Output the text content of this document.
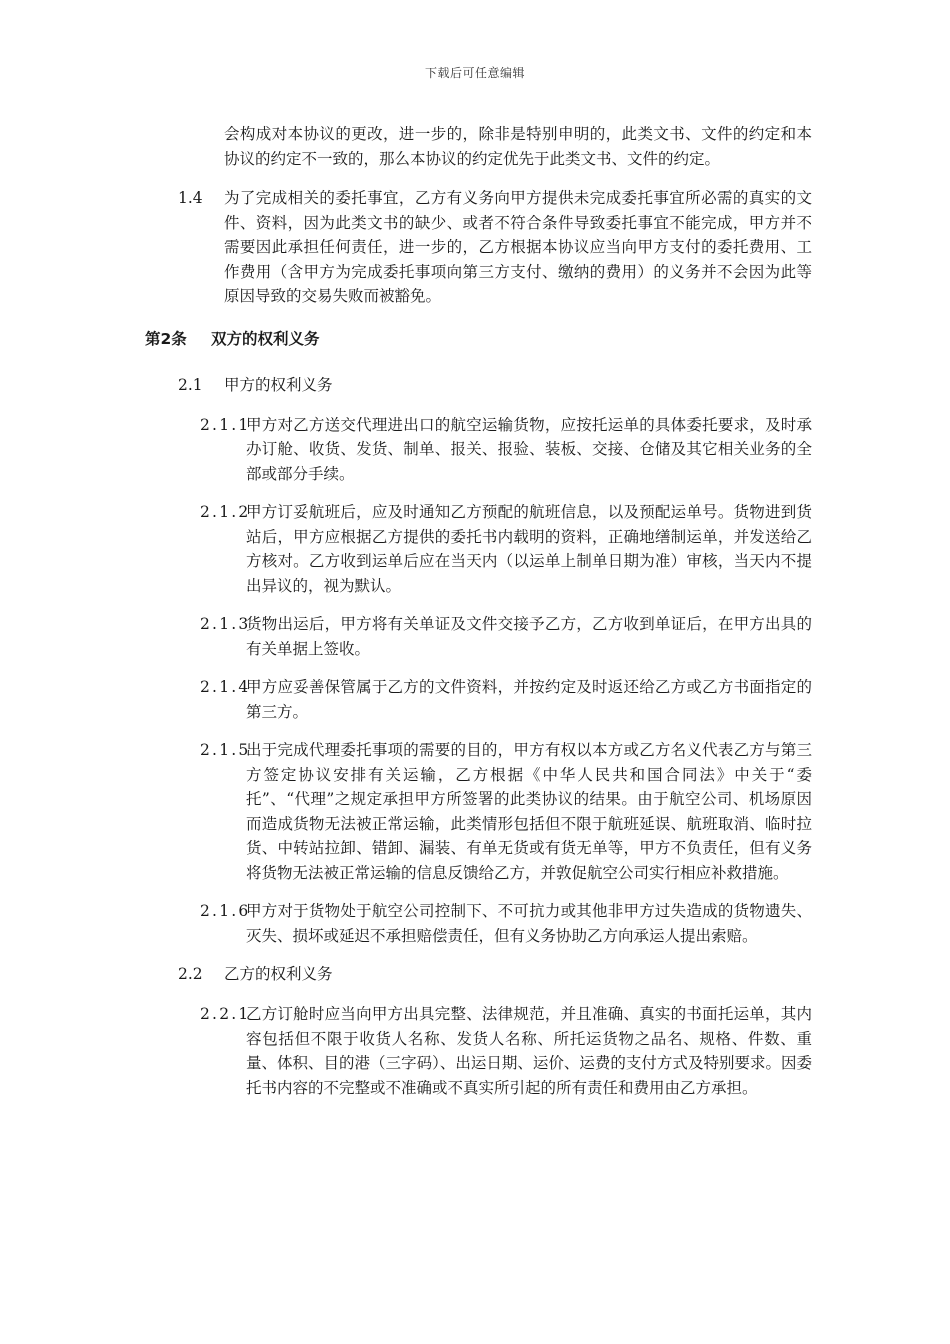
下载后可任意编辑
会构成对本协议的更改，进一步的，除非是特别申明的，此类文书、文件的约定和本协议的约定不一致的，那么本协议的约定优先于此类文书、文件的约定。
1.4 为了完成相关的委托事宜，乙方有义务向甲方提供未完成委托事宜所必需的真实的文件、资料，因为此类文书的缺少、或者不符合条件导致委托事宜不能完成，甲方并不需要因此承担任何责任，进一步的，乙方根据本协议应当向甲方支付的委托费用、工作费用（含甲方为完成委托事项向第三方支付、缴纳的费用）的义务并不会因为此等原因导致的交易失败而被豁免。
第2条 双方的权利义务
2.1 甲方的权利义务
2.1.1
甲方对乙方送交代理进出口的航空运输货物，应按托运单的具体委托要求，及时承办订舱、收货、发货、制单、报关、报验、装板、交接、仓储及其它相关业务的全部或部分手续。
2.1.2
甲方订妥航班后，应及时通知乙方预配的航班信息，以及预配运单号。货物进到货站后，甲方应根据乙方提供的委托书内载明的资料，正确地缮制运单，并发送给乙方核对。乙方收到运单后应在当天内（以运单上制单日期为准）审核，当天内不提出异议的，视为默认。
2.1.3
货物出运后，甲方将有关单证及文件交接予乙方，乙方收到单证后，在甲方出具的有关单据上签收。
2.1.4
甲方应妥善保管属于乙方的文件资料，并按约定及时返还给乙方或乙方书面指定的第三方。
2.1.5
出于完成代理委托事项的需要的目的，甲方有权以本方或乙方名义代表乙方与第三方签定协议安排有关运输，乙方根据《中华人民共和国合同法》中关于“委托”、“代理”之规定承担甲方所签署的此类协议的结果。由于航空公司、机场原因而造成货物无法被正常运输，此类情形包括但不限于航班延误、航班取消、临时拉货、中转站拉卸、错卸、漏装、有单无货或有货无单等，甲方不负责任，但有义务将货物无法被正常运输的信息反馈给乙方，并敦促航空公司实行相应补救措施。
2.1.6
甲方对于货物处于航空公司控制下、不可抗力或其他非甲方过失造成的货物遗失、灭失、损坏或延迟不承担赔偿责任，但有义务协助乙方向承运人提出索赔。
2.2 乙方的权利义务
2.2.1
乙方订舱时应当向甲方出具完整、法律规范，并且准确、真实的书面托运单，其内容包括但不限于收货人名称、发货人名称、所托运货物之品名、规格、件数、重量、体积、目的港（三字码）、出运日期、运价、运费的支付方式及特别要求。因委托书内容的不完整或不准确或不真实所引起的所有责任和费用由乙方承担。
